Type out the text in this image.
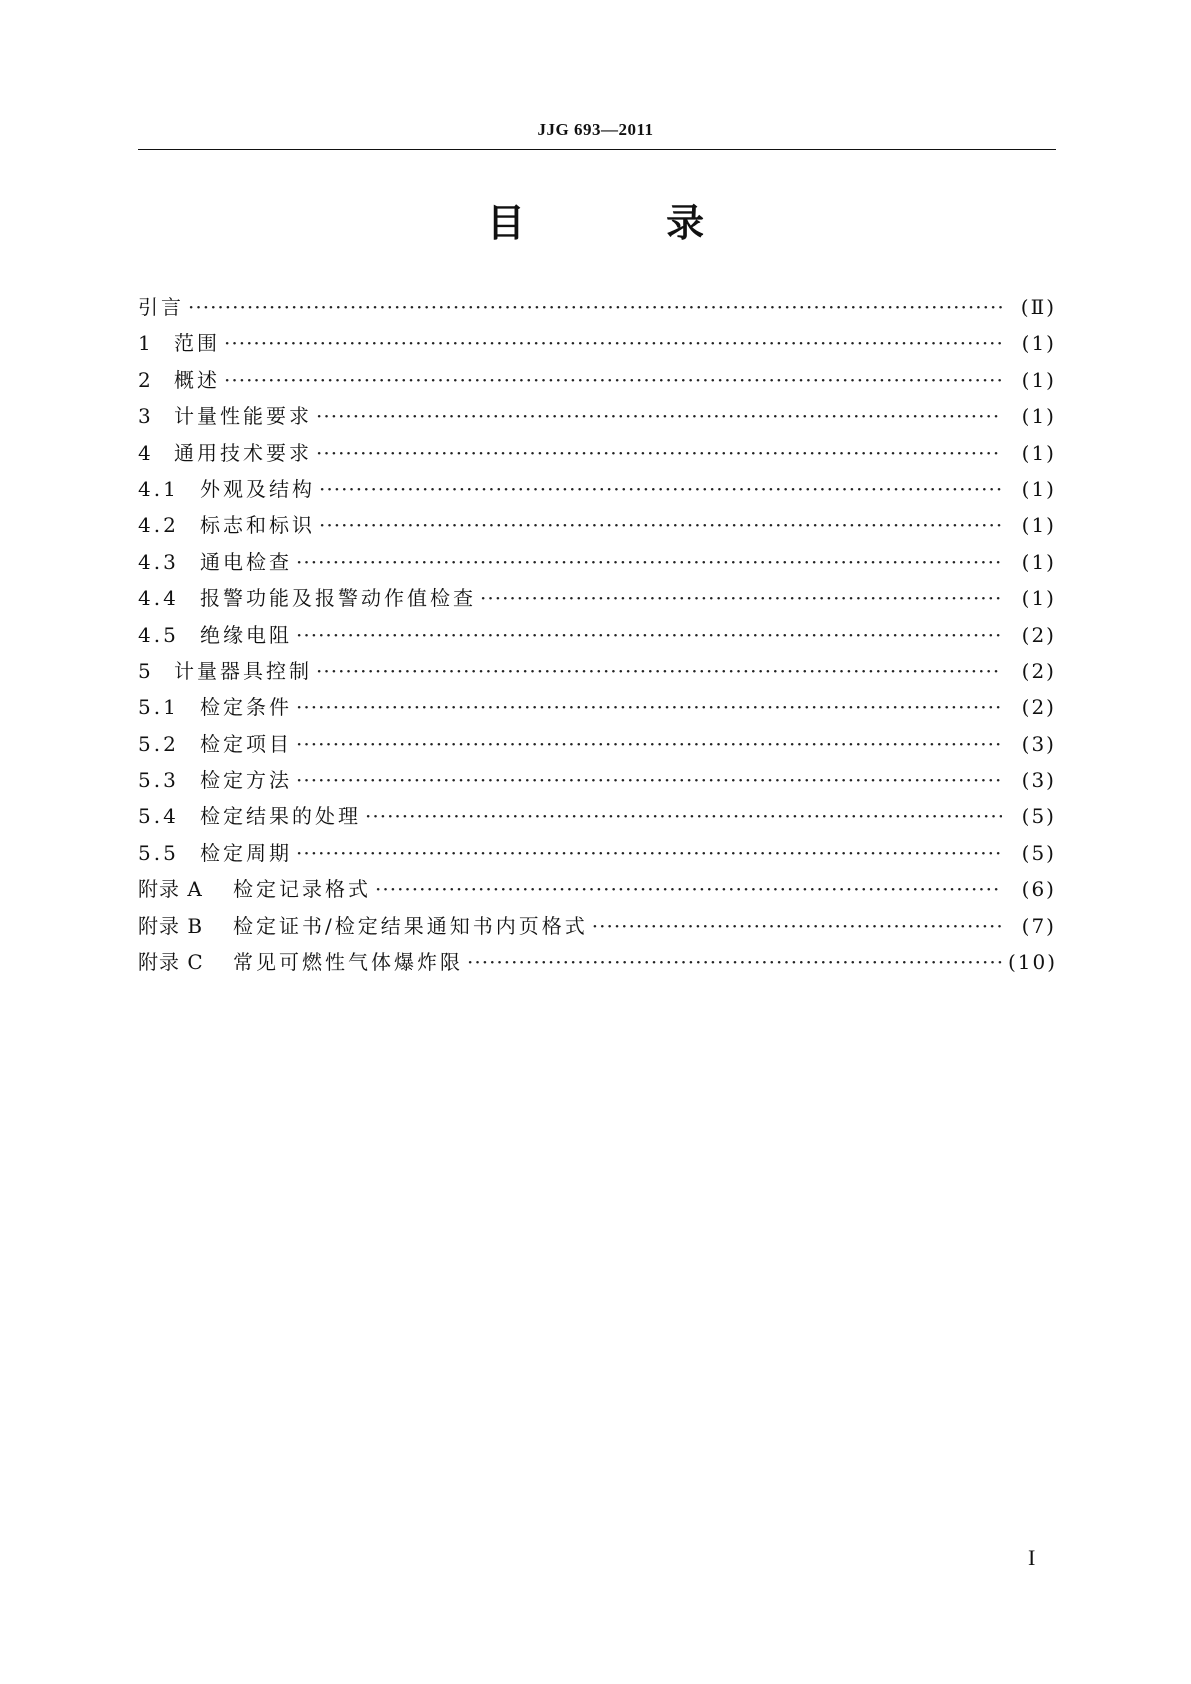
JJG 693—2011
目 录
引言 ·····	(Ⅱ)
1	范围 ·····	(1)
2	概述 ·····	(1)
3	计量性能要求 ·····	(1)
4	通用技术要求 ·····	(1)
4.1	外观及结构 ·····	(1)
4.2	标志和标识 ·····	(1)
4.3	通电检查 ·····	(1)
4.4	报警功能及报警动作值检查 ·····	(1)
4.5	绝缘电阻 ·····	(2)
5	计量器具控制 ·····	(2)
5.1	检定条件 ·····	(2)
5.2	检定项目 ·····	(3)
5.3	检定方法 ·····	(3)
5.4	检定结果的处理 ·····	(5)
5.5	检定周期 ·····	(5)
附录 A	检定记录格式 ·····	(6)
附录 B	检定证书/检定结果通知书内页格式 ·····	(7)
附录 C	常见可燃性气体爆炸限 ·····	(10)
I
